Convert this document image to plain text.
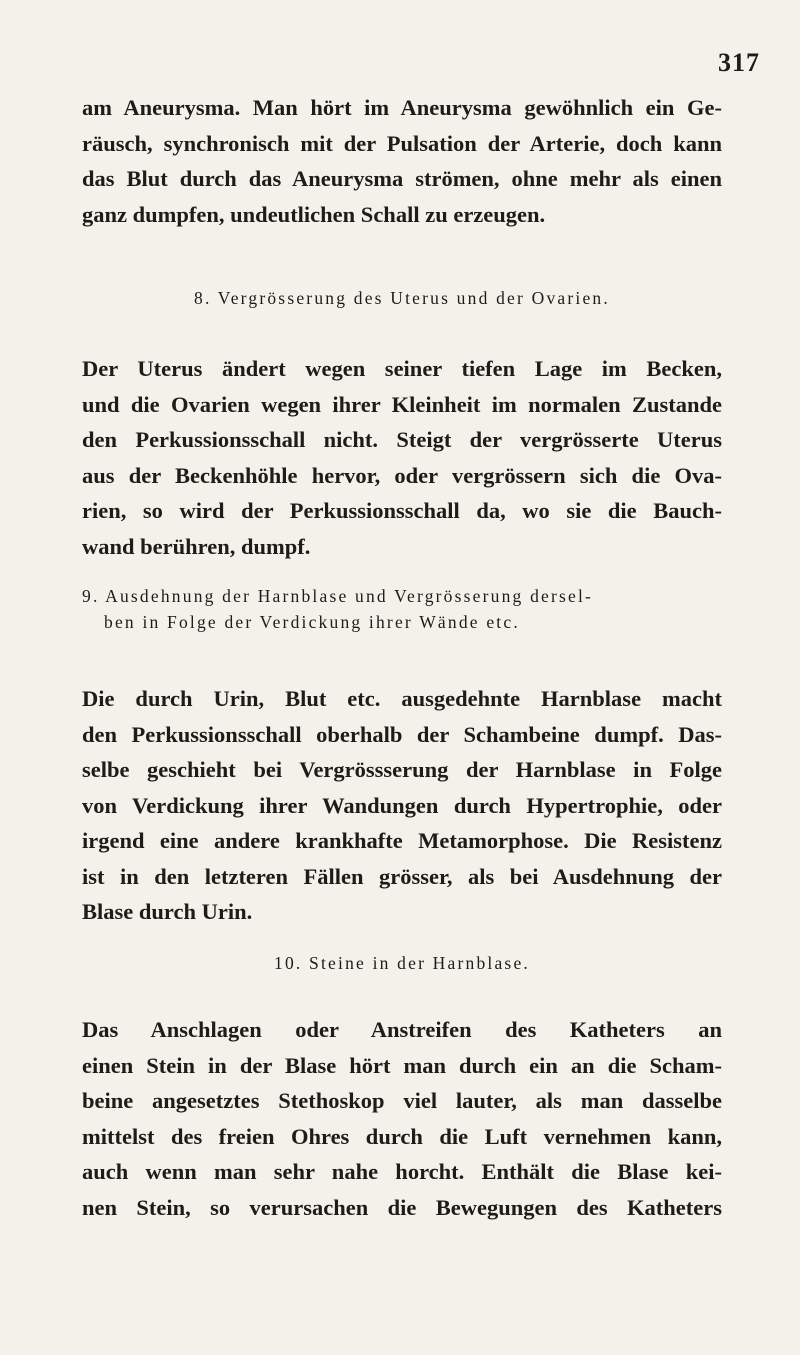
317
am Aneurysma. Man hört im Aneurysma gewöhnlich ein Ge-
räusch, synchronisch mit der Pulsation der Arterie, doch kann
das Blut durch das Aneurysma strömen, ohne mehr als einen
ganz dumpfen, undeutlichen Schall zu erzeugen.
8. Vergrösserung des Uterus und der Ovarien.
Der Uterus ändert wegen seiner tiefen Lage im Becken,
und die Ovarien wegen ihrer Kleinheit im normalen Zustande
den Perkussionsschall nicht. Steigt der vergrösserte Uterus
aus der Beckenhöhle hervor, oder vergrössern sich die Ova-
rien, so wird der Perkussionsschall da, wo sie die Bauch-
wand berühren, dumpf.
9. Ausdehnung der Harnblase und Vergrösserung dersel-
ben in Folge der Verdickung ihrer Wände etc.
Die durch Urin, Blut etc. ausgedehnte Harnblase macht
den Perkussionsschall oberhalb der Schambeine dumpf. Das-
selbe geschieht bei Vergrössserung der Harnblase in Folge
von Verdickung ihrer Wandungen durch Hypertrophie, oder
irgend eine andere krankhafte Metamorphose. Die Resistenz
ist in den letzteren Fällen grösser, als bei Ausdehnung der
Blase durch Urin.
10. Steine in der Harnblase.
Das Anschlagen oder Anstreifen des Katheters an
einen Stein in der Blase hört man durch ein an die Scham-
beine angesetztes Stethoskop viel lauter, als man dasselbe
mittelst des freien Ohres durch die Luft vernehmen kann,
auch wenn man sehr nahe horcht. Enthält die Blase kei-
nen Stein, so verursachen die Bewegungen des Katheters
